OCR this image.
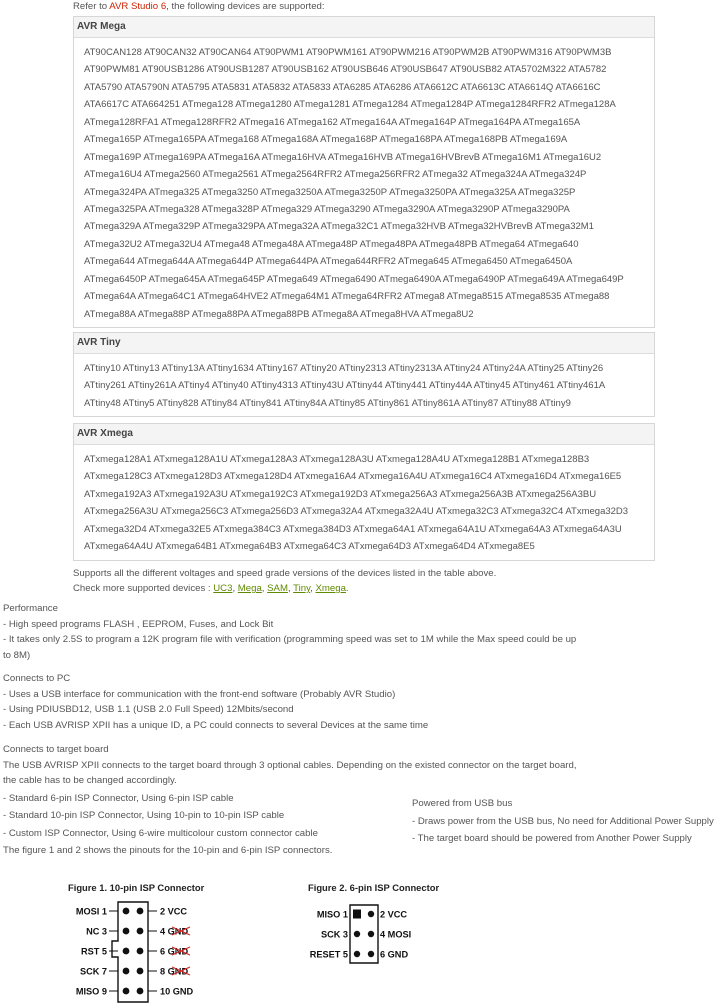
Refer to AVR Studio 6, the following devices are supported:
AVR Mega
AT90CAN128 AT90CAN32 AT90CAN64 AT90PWM1 AT90PWM161 AT90PWM216 AT90PWM2B AT90PWM316 AT90PWM3B
AT90PWM81 AT90USB1286 AT90USB1287 AT90USB162 AT90USB646 AT90USB647 AT90USB82 ATA5702M322 ATA5782
ATA5790 ATA5790N ATA5795 ATA5831 ATA5832 ATA5833 ATA6285 ATA6286 ATA6612C ATA6613C ATA6614Q ATA6616C
ATA6617C ATA664251 ATmega128 ATmega1280 ATmega1281 ATmega1284 ATmega1284P ATmega1284RFR2 ATmega128A
ATmega128RFA1 ATmega128RFR2 ATmega16 ATmega162 ATmega164A ATmega164P ATmega164PA ATmega165A
ATmega165P ATmega165PA ATmega168 ATmega168A ATmega168P ATmega168PA ATmega168PB ATmega169A
ATmega169P ATmega169PA ATmega16A ATmega16HVA ATmega16HVB ATmega16HVBrevB ATmega16M1 ATmega16U2
ATmega16U4 ATmega2560 ATmega2561 ATmega2564RFR2 ATmega256RFR2 ATmega32 ATmega324A ATmega324P
ATmega324PA ATmega325 ATmega3250 ATmega3250A ATmega3250P ATmega3250PA ATmega325A ATmega325P
ATmega325PA ATmega328 ATmega328P ATmega329 ATmega3290 ATmega3290A ATmega3290P ATmega3290PA
ATmega329A ATmega329P ATmega329PA ATmega32A ATmega32C1 ATmega32HVB ATmega32HVBrevB ATmega32M1
ATmega32U2 ATmega32U4 ATmega48 ATmega48A ATmega48P ATmega48PA ATmega48PB ATmega64 ATmega640
ATmega644 ATmega644A ATmega644P ATmega644PA ATmega644RFR2 ATmega645 ATmega6450 ATmega6450A
ATmega6450P ATmega645A ATmega645P ATmega649 ATmega6490 ATmega6490A ATmega6490P ATmega649A ATmega649P
ATmega64A ATmega64C1 ATmega64HVE2 ATmega64M1 ATmega64RFR2 ATmega8 ATmega8515 ATmega8535 ATmega88
ATmega88A ATmega88P ATmega88PA ATmega88PB ATmega8A ATmega8HVA ATmega8U2
AVR Tiny
ATtiny10 ATtiny13 ATtiny13A ATtiny1634 ATtiny167 ATtiny20 ATtiny2313 ATtiny2313A ATtiny24 ATtiny24A ATtiny25 ATtiny26
ATtiny261 ATtiny261A ATtiny4 ATtiny40 ATtiny4313 ATtiny43U ATtiny44 ATtiny441 ATtiny44A ATtiny45 ATtiny461 ATtiny461A
ATtiny48 ATtiny5 ATtiny828 ATtiny84 ATtiny841 ATtiny84A ATtiny85 ATtiny861 ATtiny861A ATtiny87 ATtiny88 ATtiny9
AVR Xmega
ATxmega128A1 ATxmega128A1U ATxmega128A3 ATxmega128A3U ATxmega128A4U ATxmega128B1 ATxmega128B3
ATxmega128C3 ATxmega128D3 ATxmega128D4 ATxmega16A4 ATxmega16A4U ATxmega16C4 ATxmega16D4 ATxmega16E5
ATxmega192A3 ATxmega192A3U ATxmega192C3 ATxmega192D3 ATxmega256A3 ATxmega256A3B ATxmega256A3BU
ATxmega256A3U ATxmega256C3 ATxmega256D3 ATxmega32A4 ATxmega32A4U ATxmega32C3 ATxmega32C4 ATxmega32D3
ATxmega32D4 ATxmega32E5 ATxmega384C3 ATxmega384D3 ATxmega64A1 ATxmega64A1U ATxmega64A3 ATxmega64A3U
ATxmega64A4U ATxmega64B1 ATxmega64B3 ATxmega64C3 ATxmega64D3 ATxmega64D4 ATxmega8E5
Supports all the different voltages and speed grade versions of the devices listed in the table above.
Check more supported devices : UC3, Mega, SAM, Tiny, Xmega.
Performance
- High speed programs FLASH , EEPROM, Fuses, and Lock Bit
- It takes only 2.5S to program a 12K program file with verification (programming speed was set to 1M while the Max speed could be up
to 8M)
Connects to PC
- Uses a USB interface for communication with the front-end software (Probably AVR Studio)
- Using PDIUSBD12, USB 1.1 (USB 2.0 Full Speed) 12Mbits/second
- Each USB AVRISP XPII has a unique ID, a PC could connects to several Devices at the same time
Connects to target board
The USB AVRISP XPII connects to the target board through 3 optional cables. Depending on the existed connector on the target board,
the cable has to be changed accordingly.
- Standard 6-pin ISP Connector, Using 6-pin ISP cable
- Standard 10-pin ISP Connector, Using 10-pin to 10-pin ISP cable
- Custom ISP Connector, Using 6-wire multicolour custom connector cable
The figure 1 and 2 shows the pinouts for the 10-pin and 6-pin ISP connectors.
Powered from USB bus
- Draws power from the USB bus, No need for Additional Power Supply
- The target board should be powered from Another Power Supply
Figure 1. 10-pin ISP Connector
MOSI 1	2 VCC
NC 3	4 GND
RST 5	6 GND
SCK 7	8 GND
MISO 9	10 GND
Figure 2. 6-pin ISP Connector
MISO 1	2 VCC
SCK 3	4 MOSI
RESET 5	6 GND
